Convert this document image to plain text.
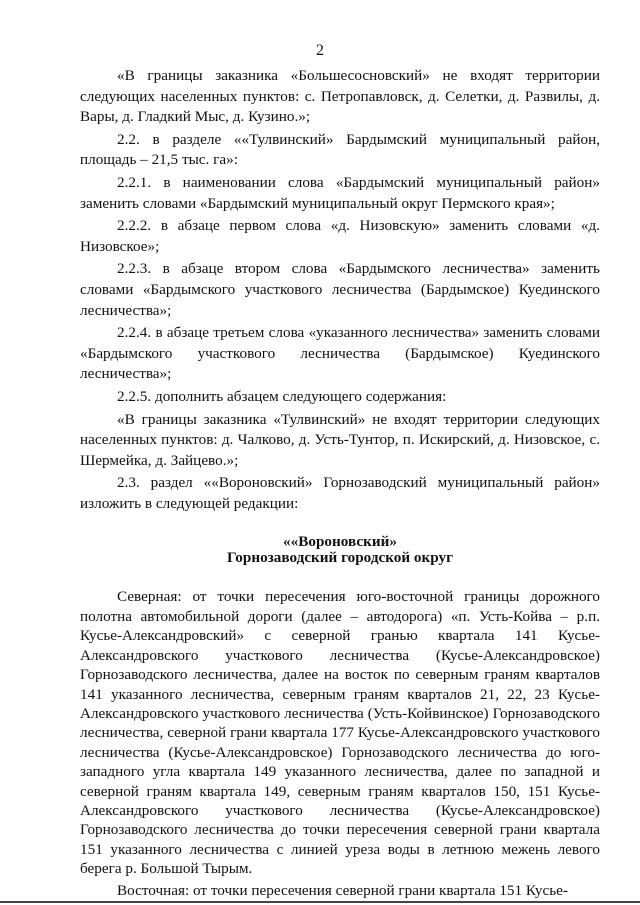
2

«В границы заказника «Большесосновский» не входят территории следующих населенных пунктов: с. Петропавловск, д. Селетки, д. Развилы, д. Вары, д. Гладкий Мыс, д. Кузино.»;

2.2. в разделе ««Тулвинский» Бардымский муниципальный район, площадь – 21,5 тыс. га»:

2.2.1. в наименовании слова «Бардымский муниципальный район» заменить словами «Бардымский муниципальный округ Пермского края»;

2.2.2. в абзаце первом слова «д. Низовскую» заменить словами «д. Низовское»;

2.2.3. в абзаце втором слова «Бардымского лесничества» заменить словами «Бардымского участкового лесничества (Бардымское) Куединского лесничества»;

2.2.4. в абзаце третьем слова «указанного лесничества» заменить словами «Бардымского участкового лесничества (Бардымское) Куединского лесничества»;

2.2.5. дополнить абзацем следующего содержания:

«В границы заказника «Тулвинский» не входят территории следующих населенных пунктов: д. Чалково, д. Усть-Тунтор, п. Искирский, д. Низовское, с. Шермейка, д. Зайцево.»;

2.3. раздел ««Вороновский» Горнозаводский муниципальный район» изложить в следующей редакции:

««Вороновский»
Горнозаводский городской округ

Северная: от точки пересечения юго-восточной границы дорожного полотна автомобильной дороги (далее – автодорога) «п. Усть-Койва – р.п. Кусье-Александровский» с северной гранью квартала 141 Кусье-Александровского участкового лесничества (Кусье-Александровское) Горнозаводского лесничества, далее на восток по северным граням кварталов 141 указанного лесничества, северным граням кварталов 21, 22, 23 Кусье-Александровского участкового лесничества (Усть-Койвинское) Горнозаводского лесничества, северной грани квартала 177 Кусье-Александровского участкового лесничества (Кусье-Александровское) Горнозаводского лесничества до юго-западного угла квартала 149 указанного лесничества, далее по западной и северной граням квартала 149, северным граням кварталов 150, 151 Кусье-Александровского участкового лесничества (Кусье-Александровское) Горнозаводского лесничества до точки пересечения северной грани квартала 151 указанного лесничества с линией уреза воды в летнюю межень левого берега р. Большой Тырым.

Восточная: от точки пересечения северной грани квартала 151 Кусье-
